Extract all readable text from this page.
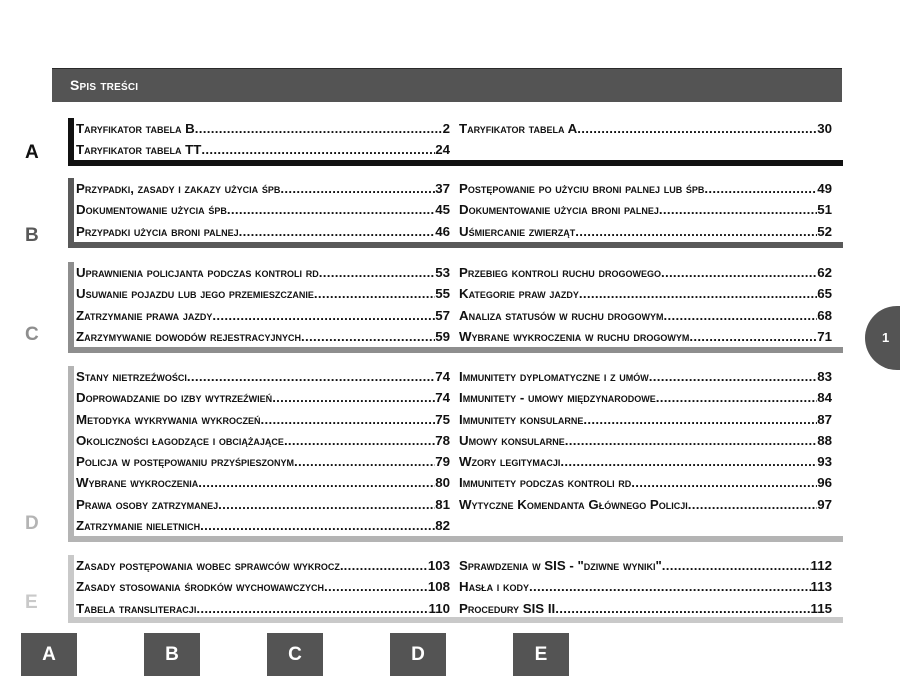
Spis treści
A
Taryfikator tabela B .....	2
Taryfikator tabela TT .....	24
Taryfikator tabela A .....	30
B
Przypadki, zasady i zakazy użycia śpb .....	37
Dokumentowanie użycia śpb .....	45
Przypadki użycia broni palnej .....	46
Postępowanie po użyciu broni palnej lub śpb .....	49
Dokumentowanie użycia broni palnej .....	51
Uśmiercanie zwierząt .....	52
C
Uprawnienia policjanta podczas kontroli rd .....	53
Usuwanie pojazdu lub jego przemieszczanie .....	55
Zatrzymanie prawa jazdy .....	57
Zarzymywanie dowodów rejestracyjnych .....	59
Przebieg kontroli ruchu drogowego .....	62
Kategorie praw jazdy .....	65
Analiza statusów w ruchu drogowym .....	68
Wybrane wykroczenia w ruchu drogowym .....	71
D
Stany nietrzeźwości .....	74
Doprowadzanie do izby wytrzeźwień .....	74
Metodyka wykrywania wykroczeń .....	75
Okoliczności łagodzące i obciążające .....	78
Policja w postępowaniu przyśpieszonym .....	79
Wybrane wykroczenia .....	80
Prawa osoby zatrzymanej .....	81
Zatrzymanie nieletnich .....	82
Immunitety dyplomatyczne i z umów .....	83
Immunitety - umowy międzynarodowe .....	84
Immunitety konsularne .....	87
Umowy konsularne .....	88
Wzory legitymacji .....	93
Immunitety podczas kontroli rd .....	96
Wytyczne Komendanta Głównego Policji .....	97
E
Zasady postępowania wobec sprawców wykrocz. .....	103
Zasady stosowania środków wychowawczych .....	108
Tabela transliteracji .....	110
Sprawdzenia w SIS - "dziwne wyniki" .....	112
Hasła i kody .....	113
Procedury SIS II .....	115
1
A	B	C	D	E
